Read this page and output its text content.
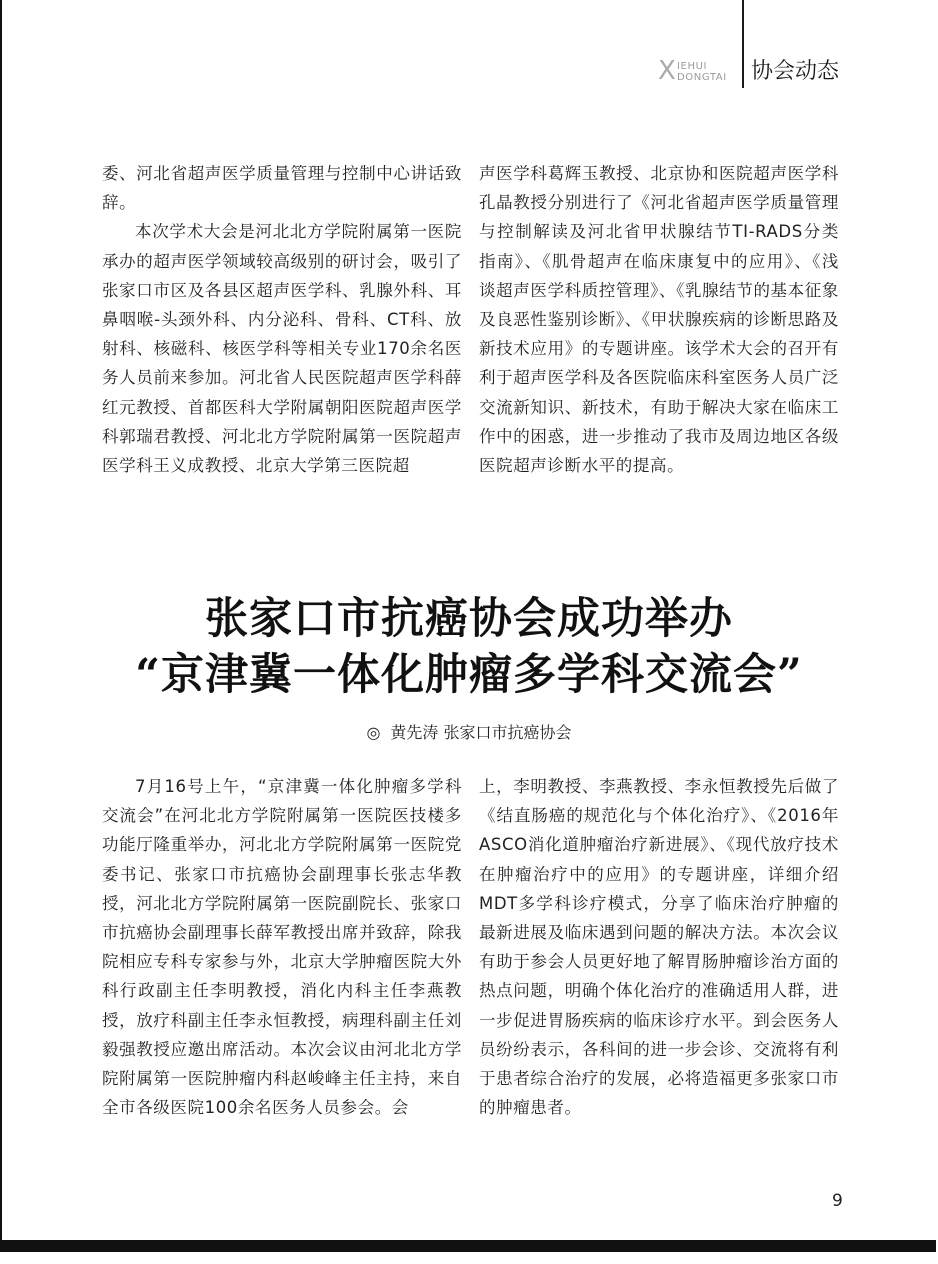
X IEHUI
DONGTAI 协会动态

委、河北省超声医学质量管理与控制中心讲话致辞。

本次学术大会是河北北方学院附属第一医院承办的超声医学领域较高级别的研讨会，吸引了张家口市区及各县区超声医学科、乳腺外科、耳鼻咽喉-头颈外科、内分泌科、骨科、CT科、放射科、核磁科、核医学科等相关专业170余名医务人员前来参加。河北省人民医院超声医学科薛红元教授、首都医科大学附属朝阳医院超声医学科郭瑞君教授、河北北方学院附属第一医院超声医学科王义成教授、北京大学第三医院超

声医学科葛辉玉教授、北京协和医院超声医学科孔晶教授分别进行了《河北省超声医学质量管理与控制解读及河北省甲状腺结节TI-RADS分类指南》、《肌骨超声在临床康复中的应用》、《浅谈超声医学科质控管理》、《乳腺结节的基本征象及良恶性鉴别诊断》、《甲状腺疾病的诊断思路及新技术应用》的专题讲座。该学术大会的召开有利于超声医学科及各医院临床科室医务人员广泛交流新知识、新技术，有助于解决大家在临床工作中的困惑，进一步推动了我市及周边地区各级医院超声诊断水平的提高。

张家口市抗癌协会成功举办
“京津冀一体化肿瘤多学科交流会”
◎ 黄先涛 张家口市抗癌协会

7月16号上午，“京津冀一体化肿瘤多学科交流会”在河北北方学院附属第一医院医技楼多功能厅隆重举办，河北北方学院附属第一医院党委书记、张家口市抗癌协会副理事长张志华教授，河北北方学院附属第一医院副院长、张家口市抗癌协会副理事长薛军教授出席并致辞，除我院相应专科专家参与外，北京大学肿瘤医院大外科行政副主任李明教授，消化内科主任李燕教授，放疗科副主任李永恒教授，病理科副主任刘毅强教授应邀出席活动。本次会议由河北北方学院附属第一医院肿瘤内科赵峻峰主任主持，来自全市各级医院100余名医务人员参会。会

上，李明教授、李燕教授、李永恒教授先后做了《结直肠癌的规范化与个体化治疗》、《2016年ASCO消化道肿瘤治疗新进展》、《现代放疗技术在肿瘤治疗中的应用》的专题讲座，详细介绍MDT多学科诊疗模式，分享了临床治疗肿瘤的最新进展及临床遇到问题的解决方法。本次会议有助于参会人员更好地了解胃肠肿瘤诊治方面的热点问题，明确个体化治疗的准确适用人群，进一步促进胃肠疾病的临床诊疗水平。到会医务人员纷纷表示，各科间的进一步会诊、交流将有利于患者综合治疗的发展，必将造福更多张家口市的肿瘤患者。

9
